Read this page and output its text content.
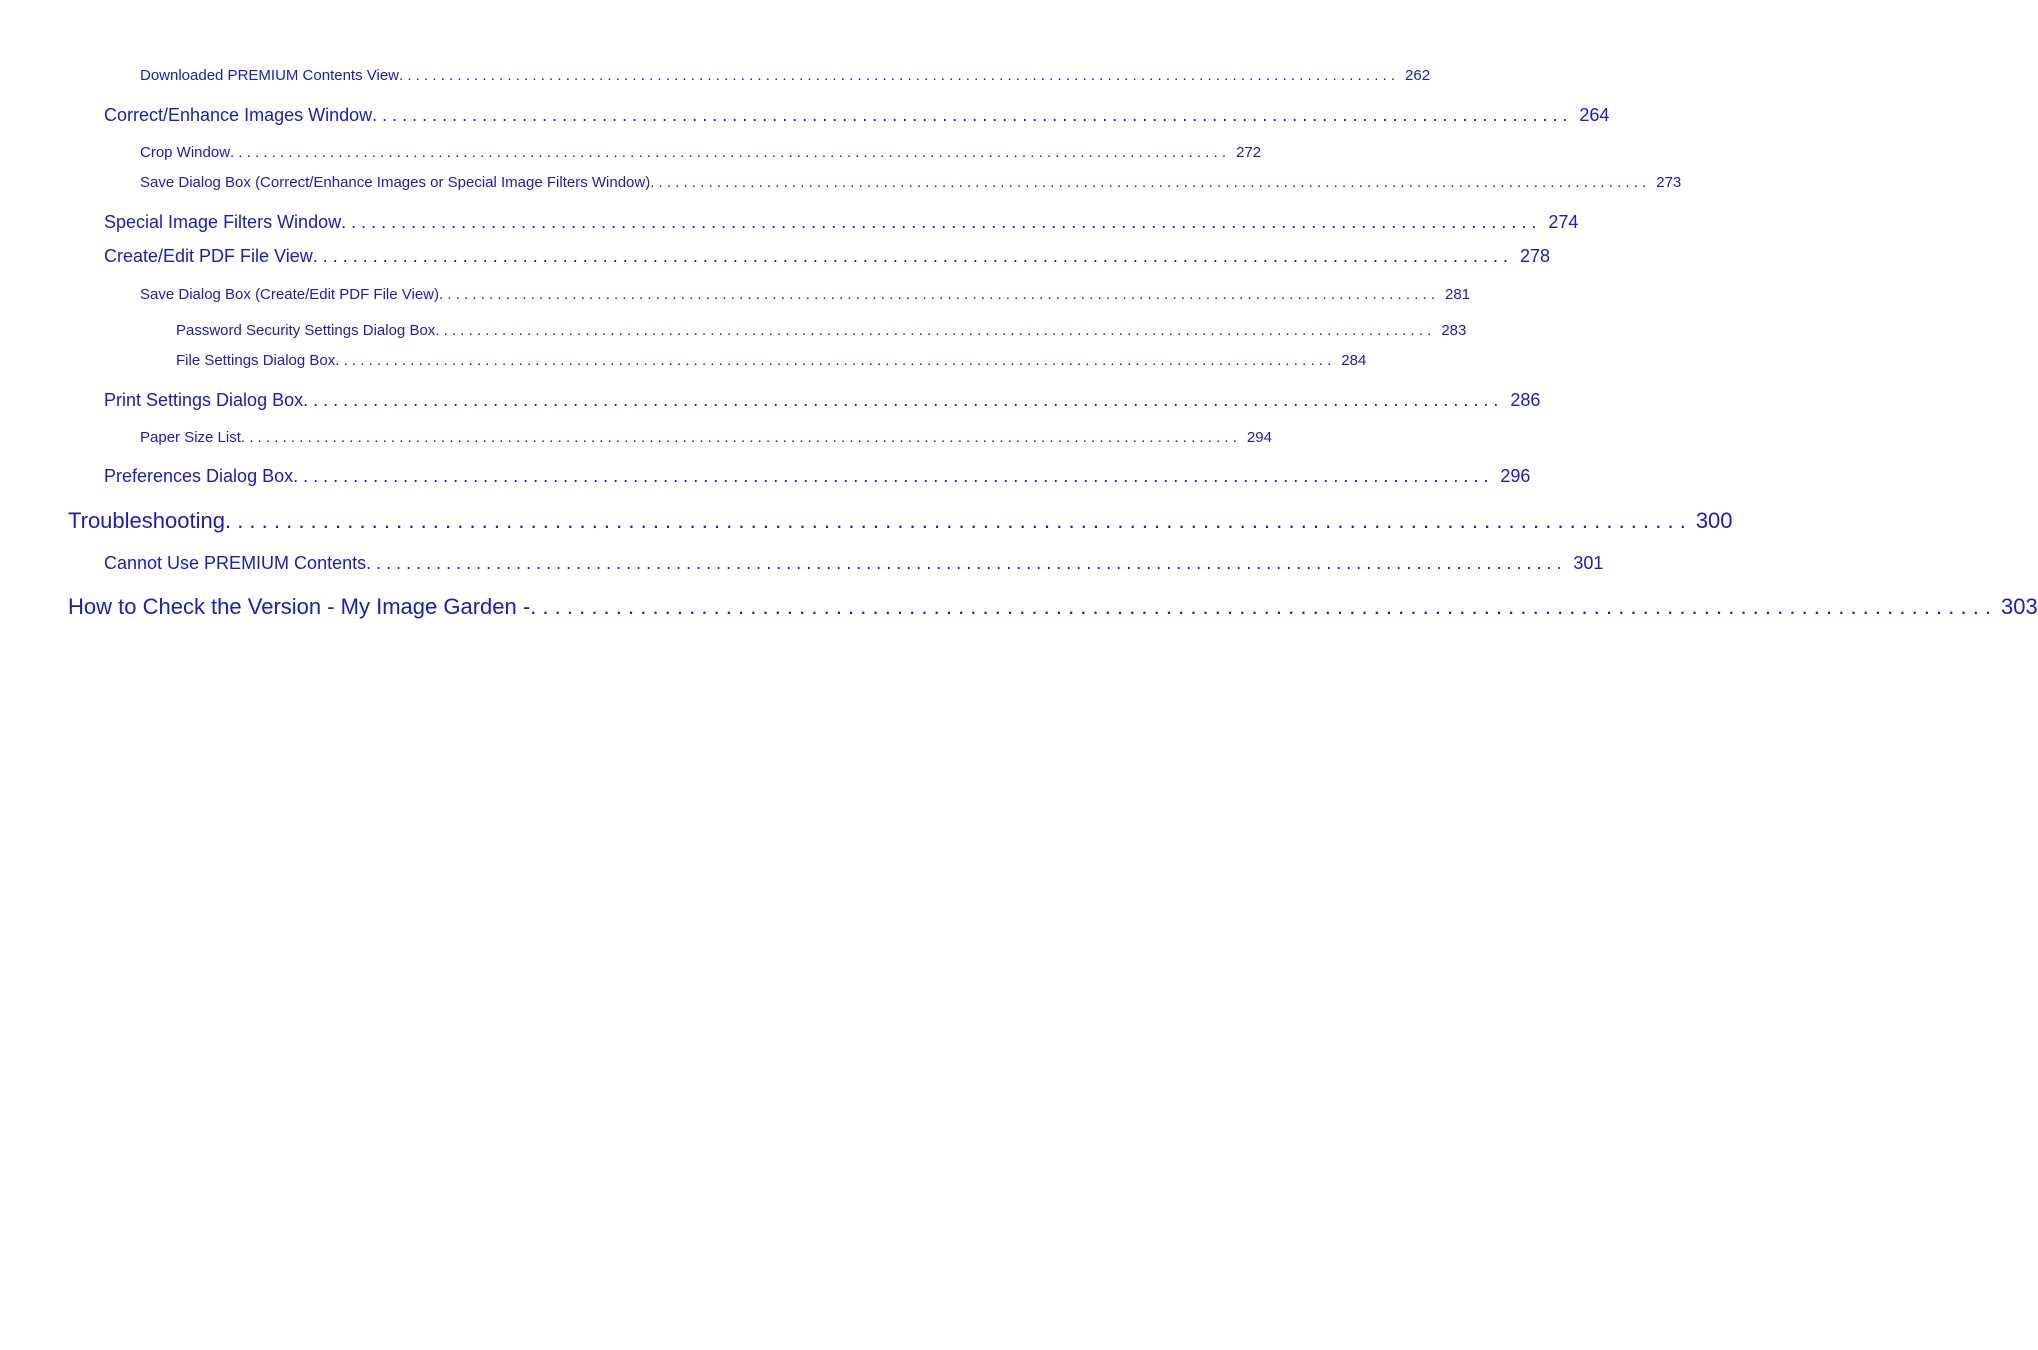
Downloaded PREMIUM Contents View . . . . . . . . . . . . . . . . . . . . . . . . . . . . . . . . . . . . . . . . . . . . . . . . . . . . . . . . . . . . . . . . . . . . . . . . . . . . . . . . . . . . . . . . . . . . . . . . . . . . . . . . . . . . . . . . . . . . . . . . 262
Correct/Enhance Images Window . . . . . . . . . . . . . . . . . . . . . . . . . . . . . . . . . . . . . . . . . . . . . . . . . . . . . . . . . . . . . . . . . . . . . . . . . . . . . . . . . . . . . . . . . . . . . . . . . . . . . . . . . . . . . . . . . . . . . . . . 264
Crop Window . . . . . . . . . . . . . . . . . . . . . . . . . . . . . . . . . . . . . . . . . . . . . . . . . . . . . . . . . . . . . . . . . . . . . . . . . . . . . . . . . . . . . . . . . . . . . . . . . . . . . . . . . . . . . . . . . . . . . . . . 272
Save Dialog Box (Correct/Enhance Images or Special Image Filters Window) . . . . . . . . . . . . . . . . . . . . . . . . . . . . . . . . . . . . . . . . . . . . . . . . . . . . . . . . . . . . . . . . . . . . . . . . . . . . . . . . . . . . . . . . . . . . . . . . . . . . . . . . . . . . . . . . . . . . . . . . 273
Special Image Filters Window . . . . . . . . . . . . . . . . . . . . . . . . . . . . . . . . . . . . . . . . . . . . . . . . . . . . . . . . . . . . . . . . . . . . . . . . . . . . . . . . . . . . . . . . . . . . . . . . . . . . . . . . . . . . . . . . . . . . . . . . 274
Create/Edit PDF File View . . . . . . . . . . . . . . . . . . . . . . . . . . . . . . . . . . . . . . . . . . . . . . . . . . . . . . . . . . . . . . . . . . . . . . . . . . . . . . . . . . . . . . . . . . . . . . . . . . . . . . . . . . . . . . . . . . . . . . . . 278
Save Dialog Box (Create/Edit PDF File View) . . . . . . . . . . . . . . . . . . . . . . . . . . . . . . . . . . . . . . . . . . . . . . . . . . . . . . . . . . . . . . . . . . . . . . . . . . . . . . . . . . . . . . . . . . . . . . . . . . . . . . . . . . . . . . . . . . . . . . . . 281
Password Security Settings Dialog Box . . . . . . . . . . . . . . . . . . . . . . . . . . . . . . . . . . . . . . . . . . . . . . . . . . . . . . . . . . . . . . . . . . . . . . . . . . . . . . . . . . . . . . . . . . . . . . . . . . . . . . . . . . . . . . . . . . . . . . . . 283
File Settings Dialog Box . . . . . . . . . . . . . . . . . . . . . . . . . . . . . . . . . . . . . . . . . . . . . . . . . . . . . . . . . . . . . . . . . . . . . . . . . . . . . . . . . . . . . . . . . . . . . . . . . . . . . . . . . . . . . . . . . . . . . . . . 284
Print Settings Dialog Box . . . . . . . . . . . . . . . . . . . . . . . . . . . . . . . . . . . . . . . . . . . . . . . . . . . . . . . . . . . . . . . . . . . . . . . . . . . . . . . . . . . . . . . . . . . . . . . . . . . . . . . . . . . . . . . . . . . . . . . . 286
Paper Size List . . . . . . . . . . . . . . . . . . . . . . . . . . . . . . . . . . . . . . . . . . . . . . . . . . . . . . . . . . . . . . . . . . . . . . . . . . . . . . . . . . . . . . . . . . . . . . . . . . . . . . . . . . . . . . . . . . . . . . . . 294
Preferences Dialog Box . . . . . . . . . . . . . . . . . . . . . . . . . . . . . . . . . . . . . . . . . . . . . . . . . . . . . . . . . . . . . . . . . . . . . . . . . . . . . . . . . . . . . . . . . . . . . . . . . . . . . . . . . . . . . . . . . . . . . . . . 296
Troubleshooting . . . . . . . . . . . . . . . . . . . . . . . . . . . . . . . . . . . . . . . . . . . . . . . . . . . . . . . . . . . . . . . . . . . . . . . . . . . . . . . . . . . . . . . . . . . . . . . . . . . . . . . . . . . . . . . . . . . . . . . . 300
Cannot Use PREMIUM Contents . . . . . . . . . . . . . . . . . . . . . . . . . . . . . . . . . . . . . . . . . . . . . . . . . . . . . . . . . . . . . . . . . . . . . . . . . . . . . . . . . . . . . . . . . . . . . . . . . . . . . . . . . . . . . . . . . . . . . . . . 301
How to Check the Version - My Image Garden - . . . . . . . . . . . . . . . . . . . . . . . . . . . . . . . . . . . . . . . . . . . . . . . . . . . . . . . . . . . . . . . . . . . . . . . . . . . . . . . . . . . . . . . . . . . . . . . . . . . . . . . . . . . . . . . . . . . . . . . . 303
